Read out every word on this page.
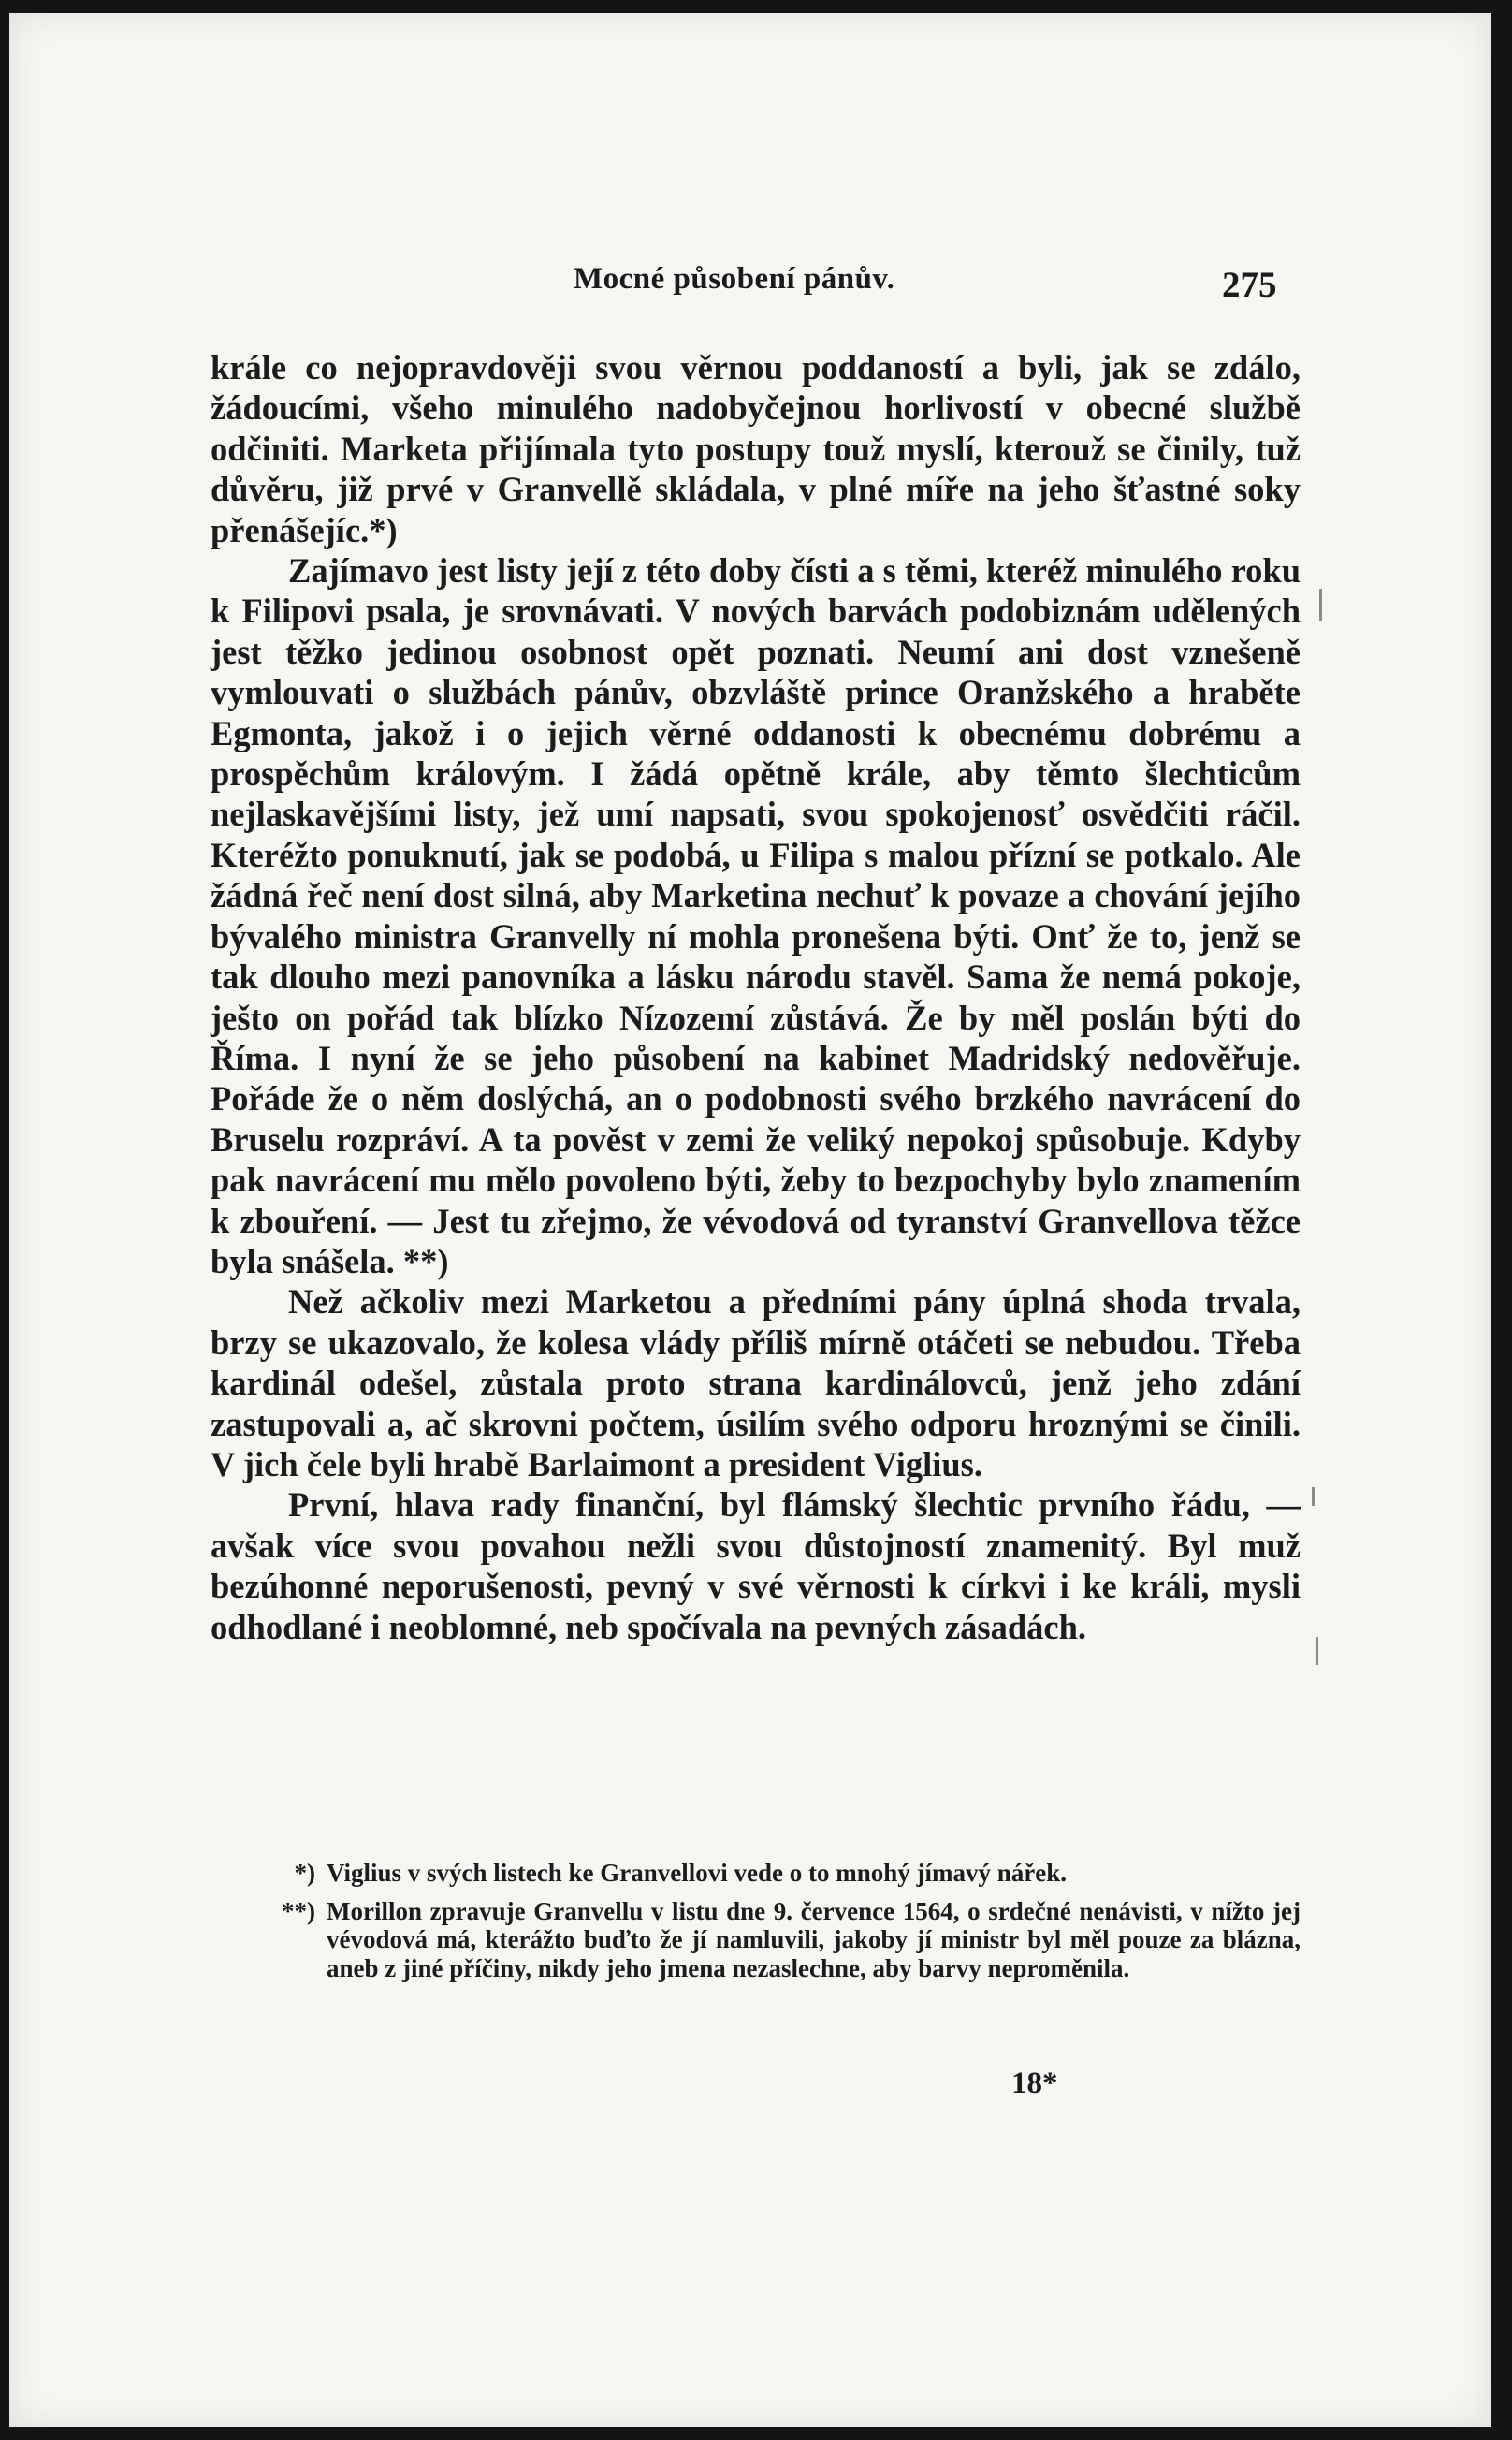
Mocné působení pánův.	275

krále co nejopravdověji svou věrnou poddaností a byli, jak se zdálo, žádoucími, všeho minulého nadobyčejnou horlivostí v obecné službě odčiniti. Marketa přijímala tyto postupy touž myslí, kterouž se činily, tuž důvěru, již prvé v Granvellě skládala, v plné míře na jeho šťastné soky přenášejíc.*)

Zajímavo jest listy její z této doby čísti a s těmi, kteréž minulého roku k Filipovi psala, je srovnávati. V nových barvách podobiznám udělených jest těžko jedinou osobnost opět poznati. Neumí ani dost vznešeně vymlouvati o službách pánův, obzvláště prince Oranžského a hraběte Egmonta, jakož i o jejich věrné oddanosti k obecnému dobrému a prospěchům královým. I žádá opětně krále, aby těmto šlechticům nejlaskavějšími listy, jež umí napsati, svou spokojenosť osvědčiti ráčil. Kteréžto ponuknutí, jak se podobá, u Filipa s malou přízní se potkalo. Ale žádná řeč není dost silná, aby Marketina nechuť k povaze a chování jejího bývalého ministra Granvelly ní mohla pronešena býti. Onť že to, jenž se tak dlouho mezi panovníka a lásku národu stavěl. Sama že nemá pokoje, ješto on pořád tak blízko Nízozemí zůstává. Že by měl poslán býti do Říma. I nyní že se jeho působení na kabinet Madridský nedověřuje. Pořáde že o něm doslýchá, an o podobnosti svého brzkého navrácení do Bruselu rozpráví. A ta pověst v zemi že veliký nepokoj spůsobuje. Kdyby pak navrácení mu mělo povoleno býti, žeby to bezpochyby bylo znamením k zbouření. — Jest tu zřejmo, že vévodová od tyranství Granvellova těžce byla snášela. **)

Než ačkoliv mezi Marketou a předními pány úplná shoda trvala, brzy se ukazovalo, že kolesa vlády příliš mírně otáčeti se nebudou. Třeba kardinál odešel, zůstala proto strana kardinálovců, jenž jeho zdání zastupovali a, ač skrovni počtem, úsilím svého odporu hroznými se činili. V jich čele byli hrabě Barlaimont a president Viglius.

První, hlava rady finanční, byl flámský šlechtic prvního řádu, — avšak více svou povahou nežli svou důstojností znamenitý. Byl muž bezúhonné neporušenosti, pevný v své věrnosti k církvi i ke králi, mysli odhodlané i neoblomné, neb spočívala na pevných zásadách.

*) Viglius v svých listech ke Granvellovi vede o to mnohý jímavý nářek.
**) Morillon zpravuje Granvellu v listu dne 9. července 1564, o srdečné nenávisti, v nížto jej vévodová má, kterážto buďto že jí namluvili, jakoby jí ministr byl měl pouze za blázna, aneb z jiné příčiny, nikdy jeho jmena nezaslechne, aby barvy neproměnila.
18*
